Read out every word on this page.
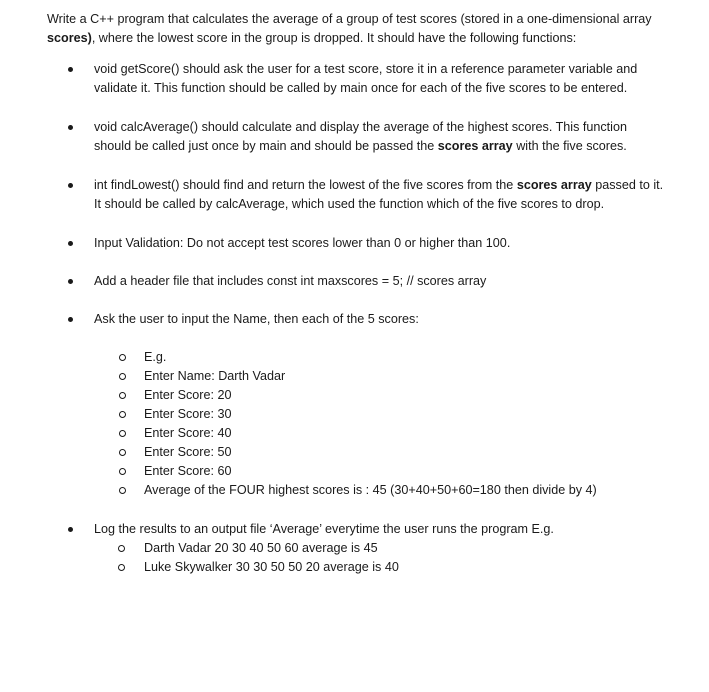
Write a C++ program that calculates the average of a group of test scores (stored in a one-dimensional array scores), where the lowest score in the group is dropped. It should have the following functions:

void getScore() should ask the user for a test score, store it in a reference parameter variable and validate it. This function should be called by main once for each of the five scores to be entered.
void calcAverage() should calculate and display the average of the highest scores. This function should be called just once by main and should be passed the scores array with the five scores.
int findLowest() should find and return the lowest of the five scores from the scores array passed to it. It should be called by calcAverage, which used the function which of the five scores to drop.
Input Validation: Do not accept test scores lower than 0 or higher than 100.
Add a header file that includes const int maxscores = 5; // scores array
Ask the user to input the Name, then each of the 5 scores:
E.g.
Enter Name: Darth Vadar
Enter Score: 20
Enter Score: 30
Enter Score: 40
Enter Score: 50
Enter Score: 60
Average of the FOUR highest scores is : 45 (30+40+50+60=180 then divide by 4)
Log the results to an output file ‘Average’ everytime the user runs the program E.g.
Darth Vadar 20 30 40 50 60 average is 45
Luke Skywalker 30 30 50 50 20 average is 40
